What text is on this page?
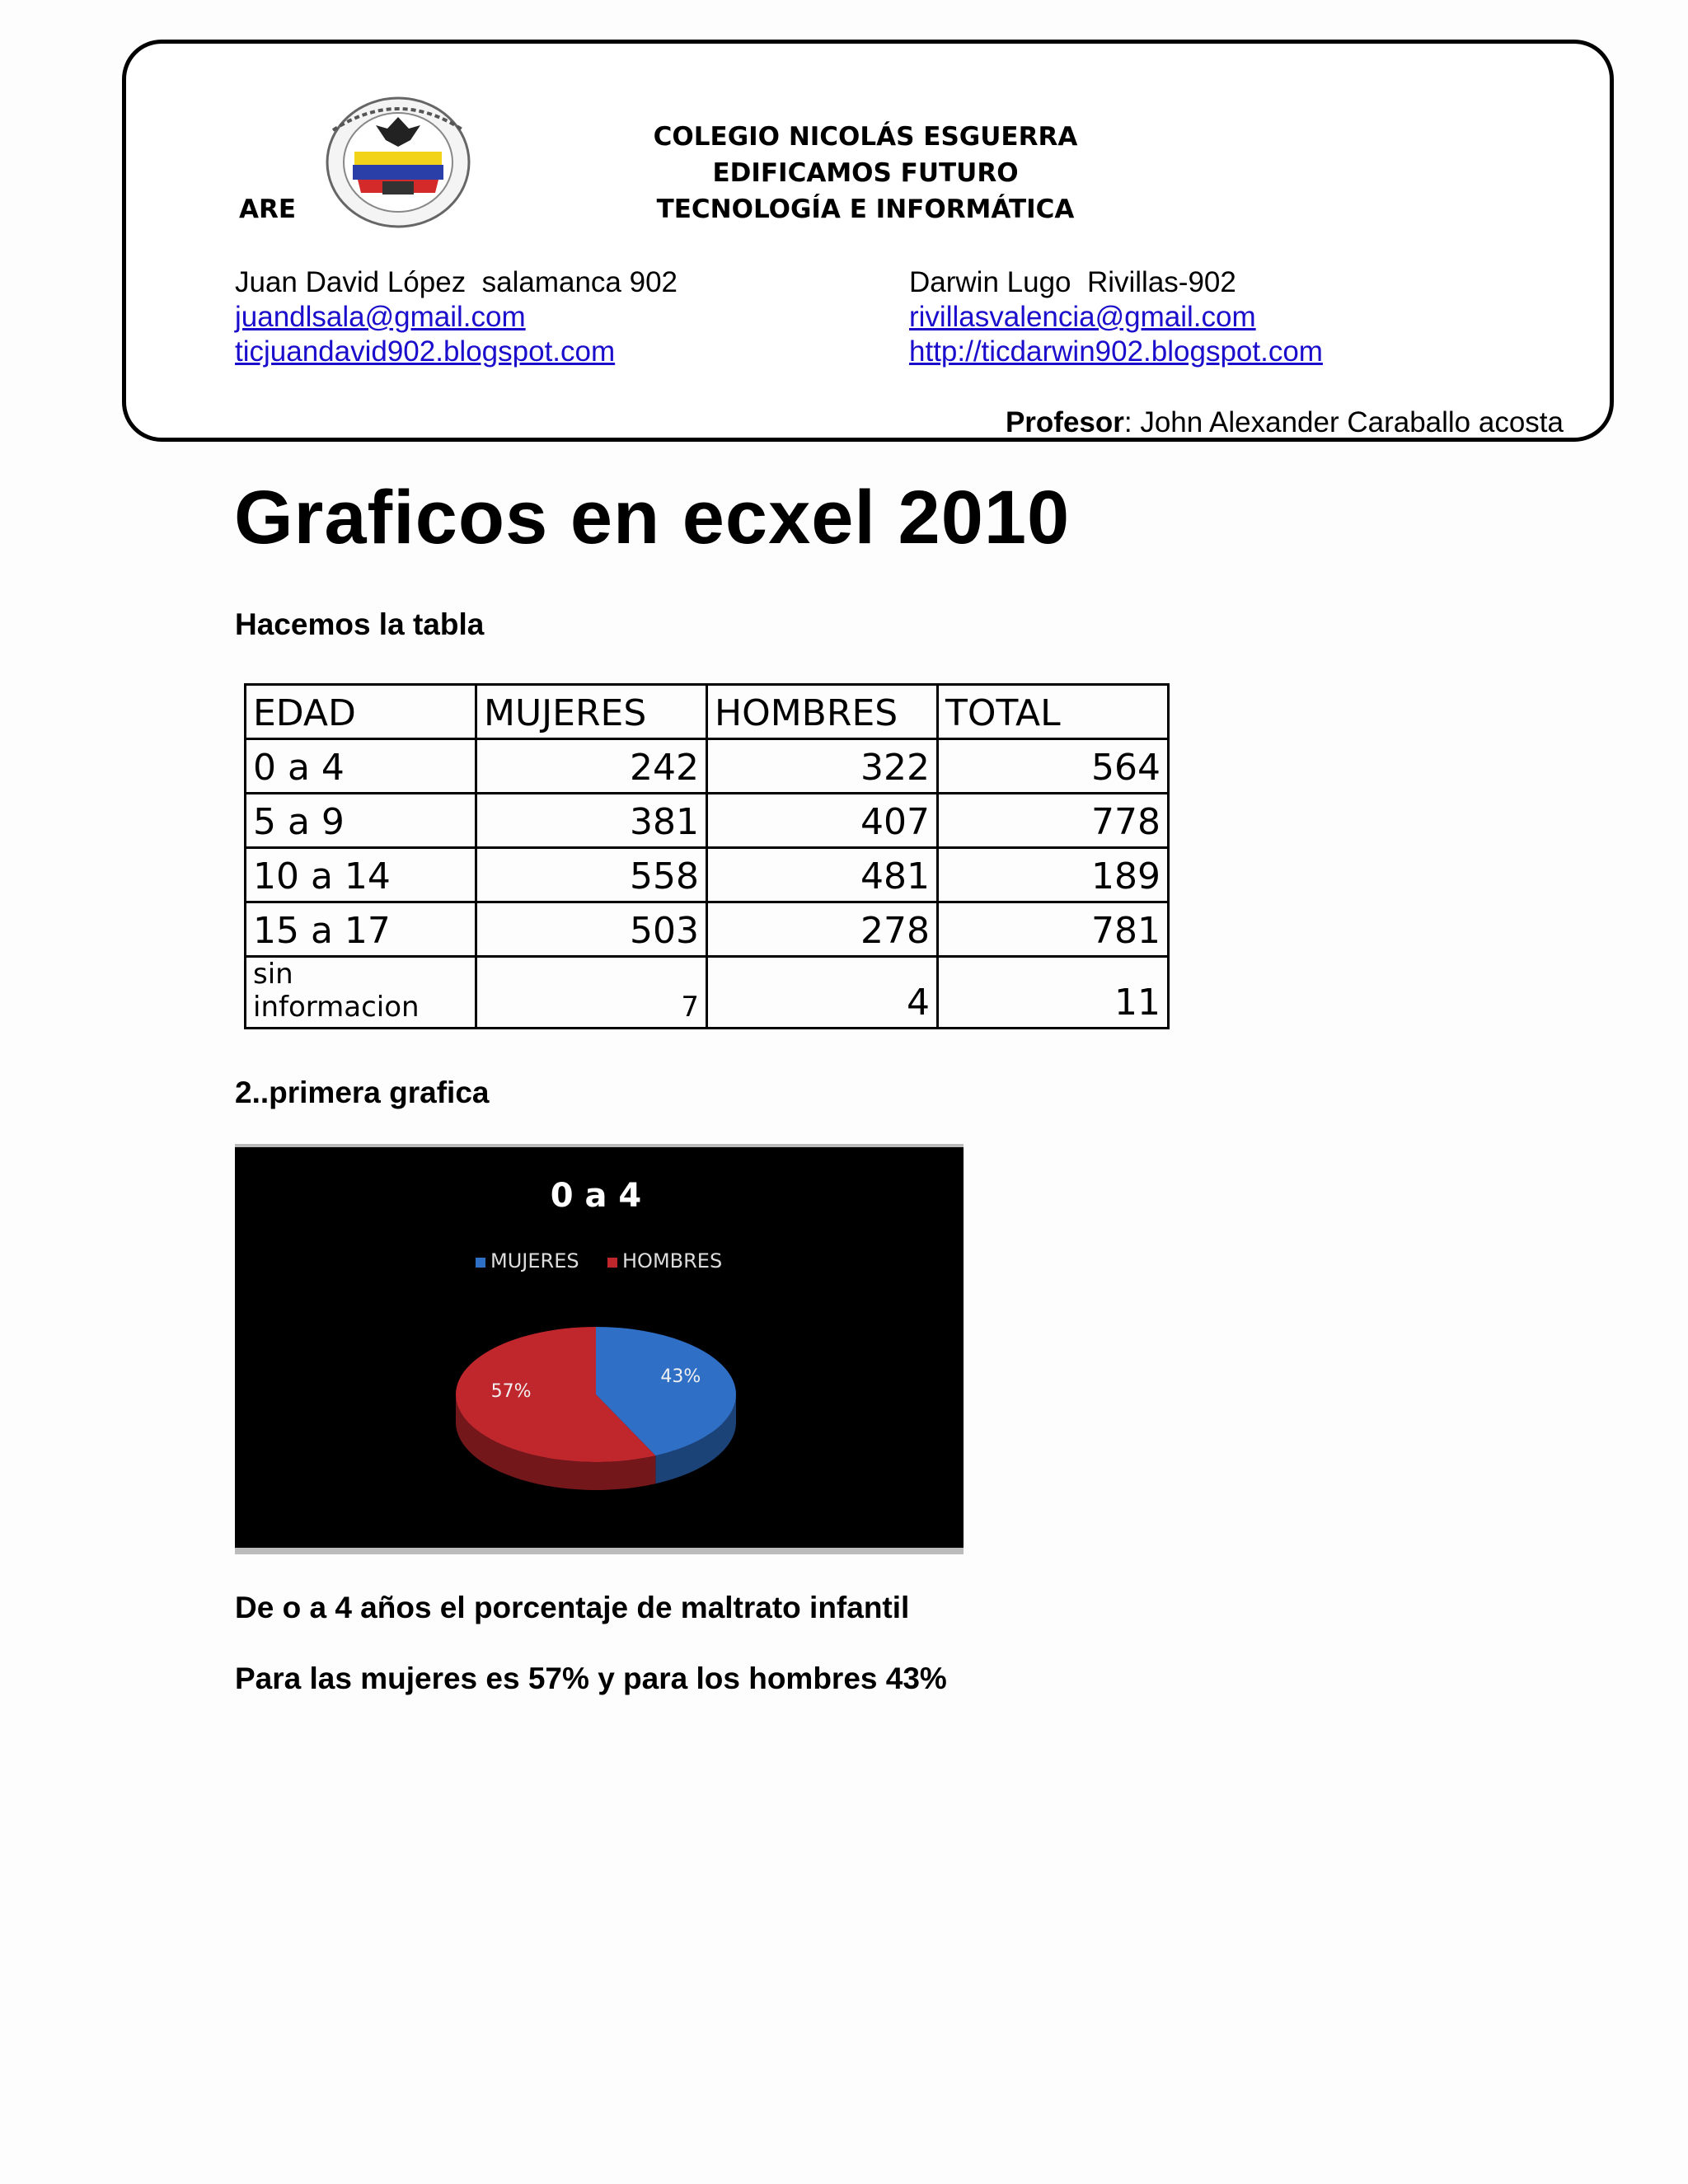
ARE
COLEGIO NICOLÁS ESGUERRA
EDIFICAMOS FUTURO
TECNOLOGÍA E INFORMÁTICA
Juan David López  salamanca 902
juandlsala@gmail.com
ticjuandavid902.blogspot.com
Darwin Lugo  Rivillas-902
rivillasvalencia@gmail.com
http://ticdarwin902.blogspot.com
Profesor: John Alexander Caraballo acosta
Graficos en ecxel 2010
Hacemos la tabla
EDAD	MUJERES	HOMBRES	TOTAL
0 a 4	242	322	564
5 a 9	381	407	778
10 a 14	558	481	189
15 a 17	503	278	781
sin informacion	7	4	11
2..primera grafica
0 a 4
MUJERES HOMBRES
43%
57%
De o a 4 años el porcentaje de maltrato infantil
Para las mujeres es 57% y para los hombres 43%
